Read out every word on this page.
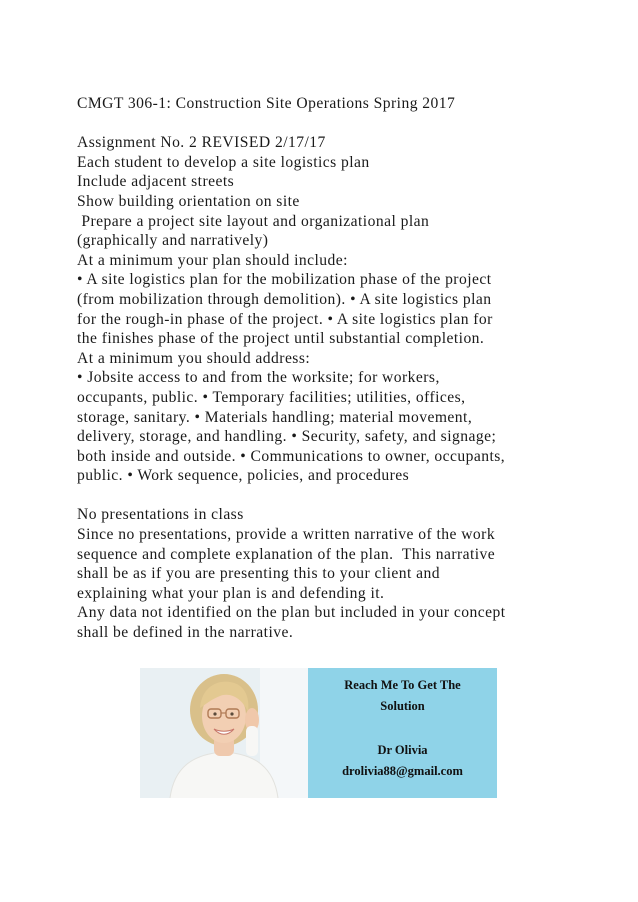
CMGT 306-1: Construction Site Operations Spring 2017
Assignment No. 2 REVISED 2/17/17
Each student to develop a site logistics plan
Include adjacent streets
Show building orientation on site
Prepare a project site layout and organizational plan
(graphically and narratively)
At a minimum your plan should include:
• A site logistics plan for the mobilization phase of the project
(from mobilization through demolition). • A site logistics plan
for the rough-in phase of the project. • A site logistics plan for
the finishes phase of the project until substantial completion.
At a minimum you should address:
• Jobsite access to and from the worksite; for workers,
occupants, public. • Temporary facilities; utilities, offices,
storage, sanitary. • Materials handling; material movement,
delivery, storage, and handling. • Security, safety, and signage;
both inside and outside. • Communications to owner, occupants,
public. • Work sequence, policies, and procedures
No presentations in class
Since no presentations, provide a written narrative of the work
sequence and complete explanation of the plan.  This narrative
shall be as if you are presenting this to your client and
explaining what your plan is and defending it.
Any data not identified on the plan but included in your concept
shall be defined in the narrative.
Reach Me To Get The
Solution
Dr Olivia
drolivia88@gmail.com
